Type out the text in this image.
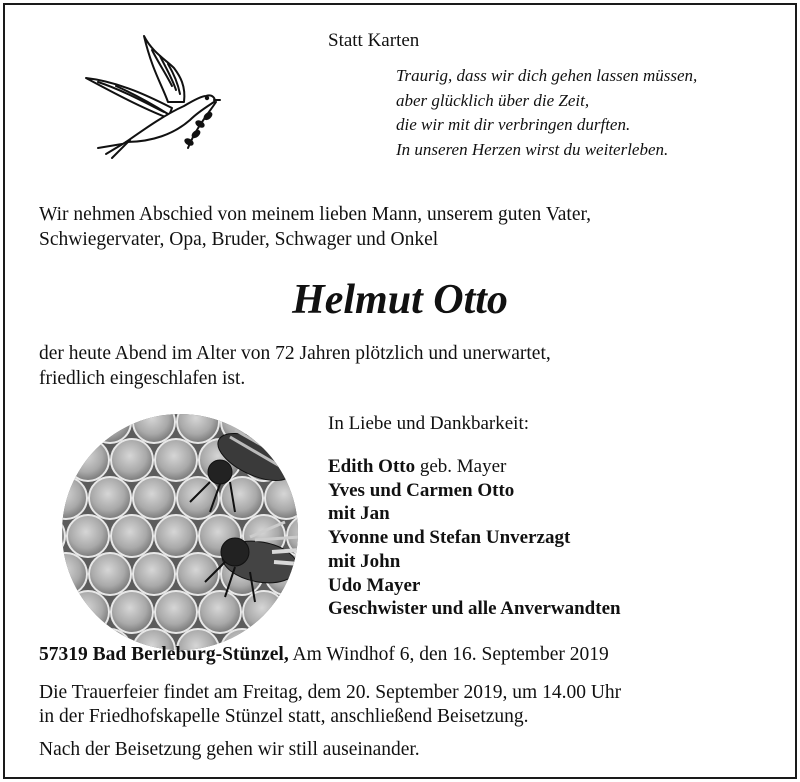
Statt Karten
Traurig, dass wir dich gehen lassen müssen,
aber glücklich über die Zeit,
die wir mit dir verbringen durften.
In unseren Herzen wirst du weiterleben.
Wir nehmen Abschied von meinem lieben Mann, unserem guten Vater,
Schwiegervater, Opa, Bruder, Schwager und Onkel
Helmut Otto
der heute Abend im Alter von 72 Jahren plötzlich und unerwartet,
friedlich eingeschlafen ist.
In Liebe und Dankbarkeit:
Edith Otto geb. Mayer
Yves und Carmen Otto
mit Jan
Yvonne und Stefan Unverzagt
mit John
Udo Mayer
Geschwister und alle Anverwandten
57319 Bad Berleburg-Stünzel, Am Windhof 6, den 16. September 2019
Die Trauerfeier findet am Freitag, dem 20. September 2019, um 14.00 Uhr
in der Friedhofskapelle Stünzel statt, anschließend Beisetzung.
Nach der Beisetzung gehen wir still auseinander.
